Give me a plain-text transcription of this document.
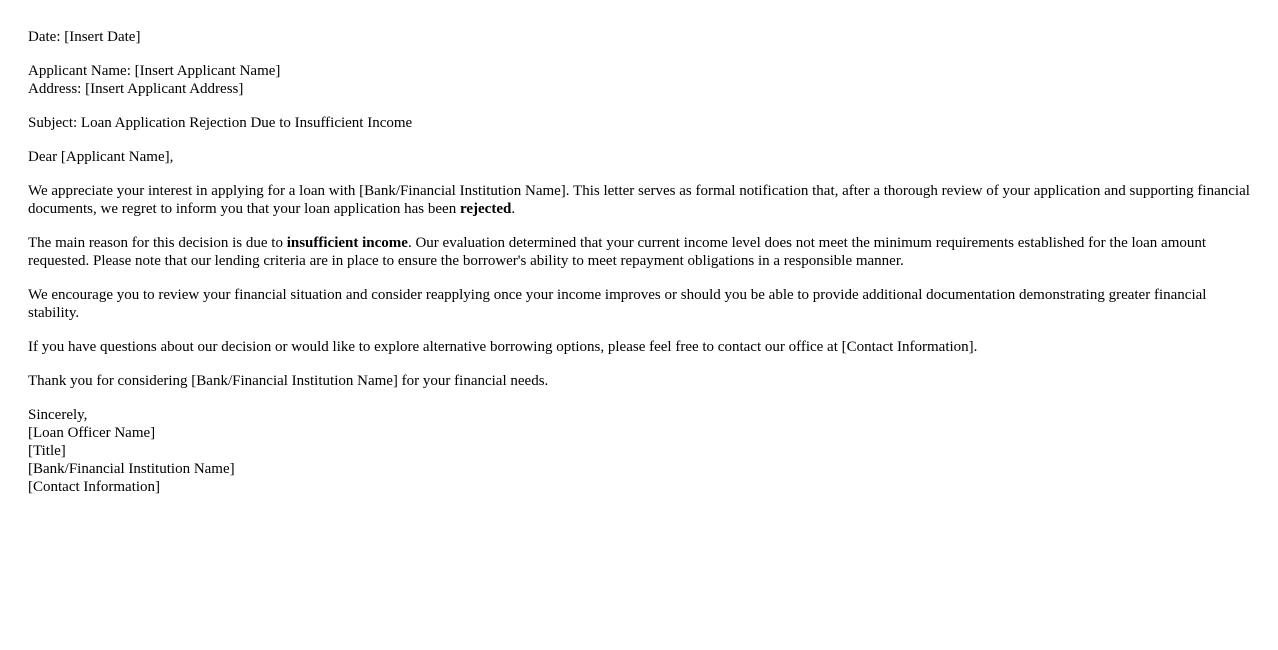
Date: [Insert Date]
Applicant Name: [Insert Applicant Name]
Address: [Insert Applicant Address]
Subject: Loan Application Rejection Due to Insufficient Income
Dear [Applicant Name],
We appreciate your interest in applying for a loan with [Bank/Financial Institution Name]. This letter serves as formal notification that, after a thorough review of your application and supporting financial documents, we regret to inform you that your loan application has been rejected.
The main reason for this decision is due to insufficient income. Our evaluation determined that your current income level does not meet the minimum requirements established for the loan amount requested. Please note that our lending criteria are in place to ensure the borrower's ability to meet repayment obligations in a responsible manner.
We encourage you to review your financial situation and consider reapplying once your income improves or should you be able to provide additional documentation demonstrating greater financial stability.
If you have questions about our decision or would like to explore alternative borrowing options, please feel free to contact our office at [Contact Information].
Thank you for considering [Bank/Financial Institution Name] for your financial needs.
Sincerely,
[Loan Officer Name]
[Title]
[Bank/Financial Institution Name]
[Contact Information]
